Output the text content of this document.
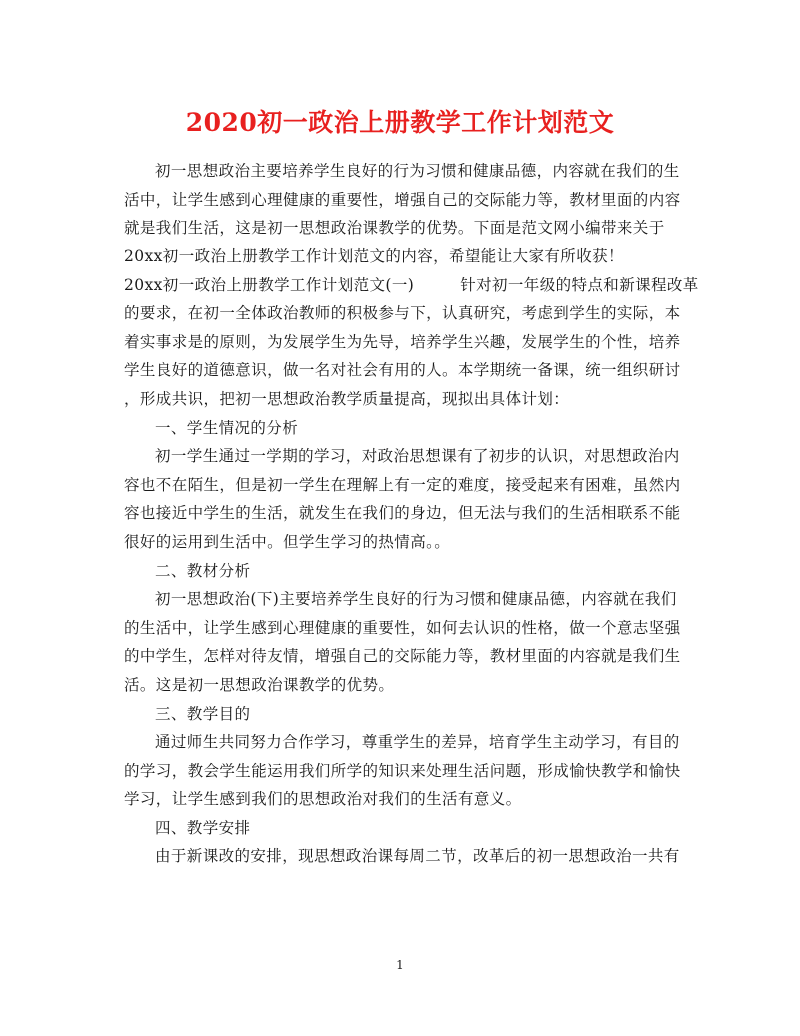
2020初一政治上册教学工作计划范文
初一思想政治主要培养学生良好的行为习惯和健康品德，内容就在我们的生
活中，让学生感到心理健康的重要性，增强自己的交际能力等，教材里面的内容
就是我们生活，这是初一思想政治课教学的优势。下面是范文网小编带来关于
20xx初一政治上册教学工作计划范文的内容，希望能让大家有所收获！
20xx初一政治上册教学工作计划范文(一)	针对初一年级的特点和新课程改革
的要求，在初一全体政治教师的积极参与下，认真研究，考虑到学生的实际，本
着实事求是的原则，为发展学生为先导，培养学生兴趣，发展学生的个性，培养
学生良好的道德意识，做一名对社会有用的人。本学期统一备课，统一组织研讨
，形成共识，把初一思想政治教学质量提高，现拟出具体计划：
一、学生情况的分析
初一学生通过一学期的学习，对政治思想课有了初步的认识，对思想政治内
容也不在陌生，但是初一学生在理解上有一定的难度，接受起来有困难，虽然内
容也接近中学生的生活，就发生在我们的身边，但无法与我们的生活相联系不能
很好的运用到生活中。但学生学习的热情高。。
二、教材分析
初一思想政治(下)主要培养学生良好的行为习惯和健康品德，内容就在我们
的生活中，让学生感到心理健康的重要性，如何去认识的性格，做一个意志坚强
的中学生，怎样对待友情，增强自己的交际能力等，教材里面的内容就是我们生
活。这是初一思想政治课教学的优势。
三、教学目的
通过师生共同努力合作学习，尊重学生的差异，培育学生主动学习，有目的
的学习，教会学生能运用我们所学的知识来处理生活问题，形成愉快教学和愉快
学习，让学生感到我们的思想政治对我们的生活有意义。
四、教学安排
由于新课改的安排，现思想政治课每周二节，改革后的初一思想政治一共有
1
